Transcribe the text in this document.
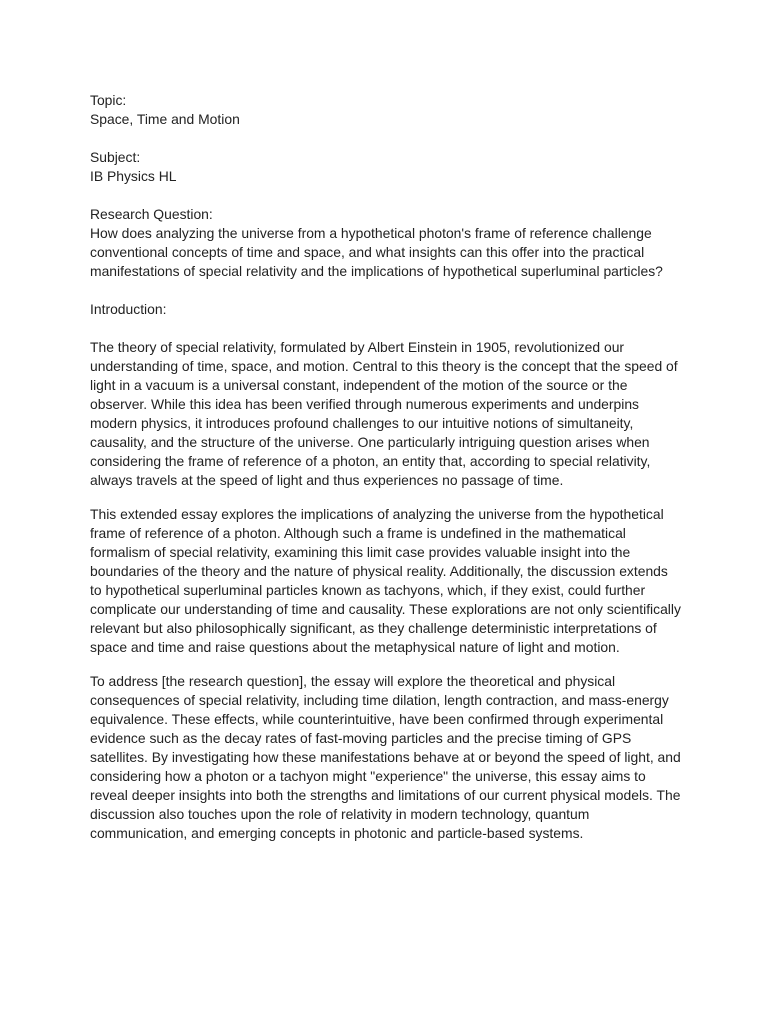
Topic:
Space, Time and Motion
Subject:
IB Physics HL
Research Question:
How does analyzing the universe from a hypothetical photon's frame of reference challenge conventional concepts of time and space, and what insights can this offer into the practical manifestations of special relativity and the implications of hypothetical superluminal particles?

Introduction:

The theory of special relativity, formulated by Albert Einstein in 1905, revolutionized our understanding of time, space, and motion. Central to this theory is the concept that the speed of light in a vacuum is a universal constant, independent of the motion of the source or the observer. While this idea has been verified through numerous experiments and underpins modern physics, it introduces profound challenges to our intuitive notions of simultaneity, causality, and the structure of the universe. One particularly intriguing question arises when considering the frame of reference of a photon, an entity that, according to special relativity, always travels at the speed of light and thus experiences no passage of time.

This extended essay explores the implications of analyzing the universe from the hypothetical frame of reference of a photon. Although such a frame is undefined in the mathematical formalism of special relativity, examining this limit case provides valuable insight into the boundaries of the theory and the nature of physical reality. Additionally, the discussion extends to hypothetical superluminal particles known as tachyons, which, if they exist, could further complicate our understanding of time and causality. These explorations are not only scientifically relevant but also philosophically significant, as they challenge deterministic interpretations of space and time and raise questions about the metaphysical nature of light and motion.

To address [the research question], the essay will explore the theoretical and physical consequences of special relativity, including time dilation, length contraction, and mass-energy equivalence. These effects, while counterintuitive, have been confirmed through experimental evidence such as the decay rates of fast-moving particles and the precise timing of GPS satellites. By investigating how these manifestations behave at or beyond the speed of light, and considering how a photon or a tachyon might "experience" the universe, this essay aims to reveal deeper insights into both the strengths and limitations of our current physical models. The discussion also touches upon the role of relativity in modern technology, quantum communication, and emerging concepts in photonic and particle-based systems.
